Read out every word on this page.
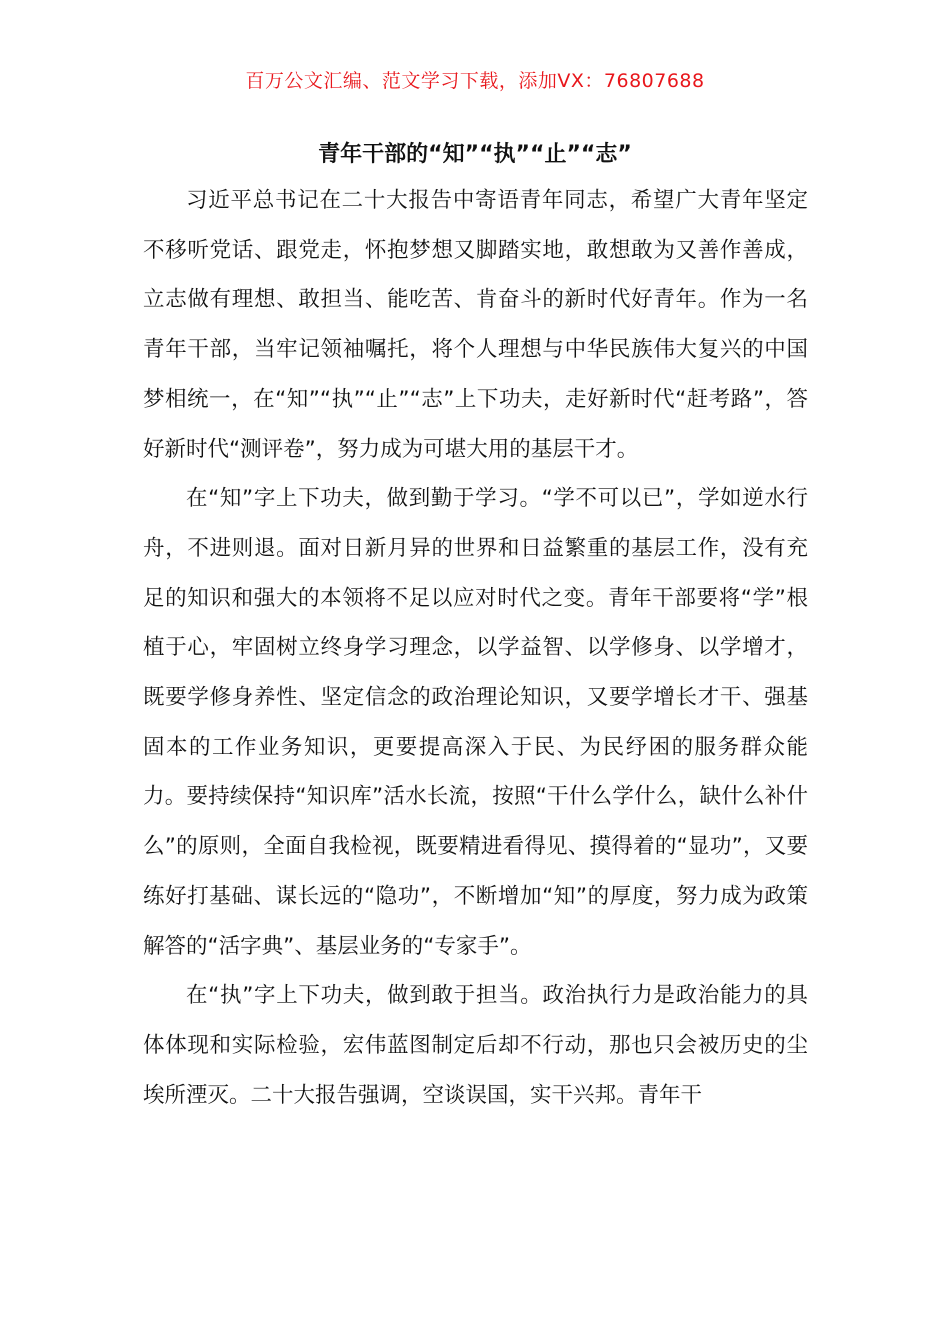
百万公文汇编、范文学习下载，添加VX：76807688
青年干部的“知”“执”“止”“志”

习近平总书记在二十大报告中寄语青年同志，希望广大青年坚定不移听党话、跟党走，怀抱梦想又脚踏实地，敢想敢为又善作善成，立志做有理想、敢担当、能吃苦、肯奋斗的新时代好青年。作为一名青年干部，当牢记领袖嘱托，将个人理想与中华民族伟大复兴的中国梦相统一，在“知”“执”“止”“志”上下功夫，走好新时代“赶考路”，答好新时代“测评卷”，努力成为可堪大用的基层干才。

在“知”字上下功夫，做到勤于学习。“学不可以已”，学如逆水行舟，不进则退。面对日新月异的世界和日益繁重的基层工作，没有充足的知识和强大的本领将不足以应对时代之变。青年干部要将“学”根植于心，牢固树立终身学习理念，以学益智、以学修身、以学增才，既要学修身养性、坚定信念的政治理论知识，又要学增长才干、强基固本的工作业务知识，更要提高深入于民、为民纾困的服务群众能力。要持续保持“知识库”活水长流，按照“干什么学什么，缺什么补什么”的原则，全面自我检视，既要精进看得见、摸得着的“显功”，又要练好打基础、谋长远的“隐功”，不断增加“知”的厚度，努力成为政策解答的“活字典”、基层业务的“专家手”。

在“执”字上下功夫，做到敢于担当。政治执行力是政治能力的具体体现和实际检验，宏伟蓝图制定后却不行动，那也只会被历史的尘埃所湮灭。二十大报告强调，空谈误国，实干兴邦。青年干
